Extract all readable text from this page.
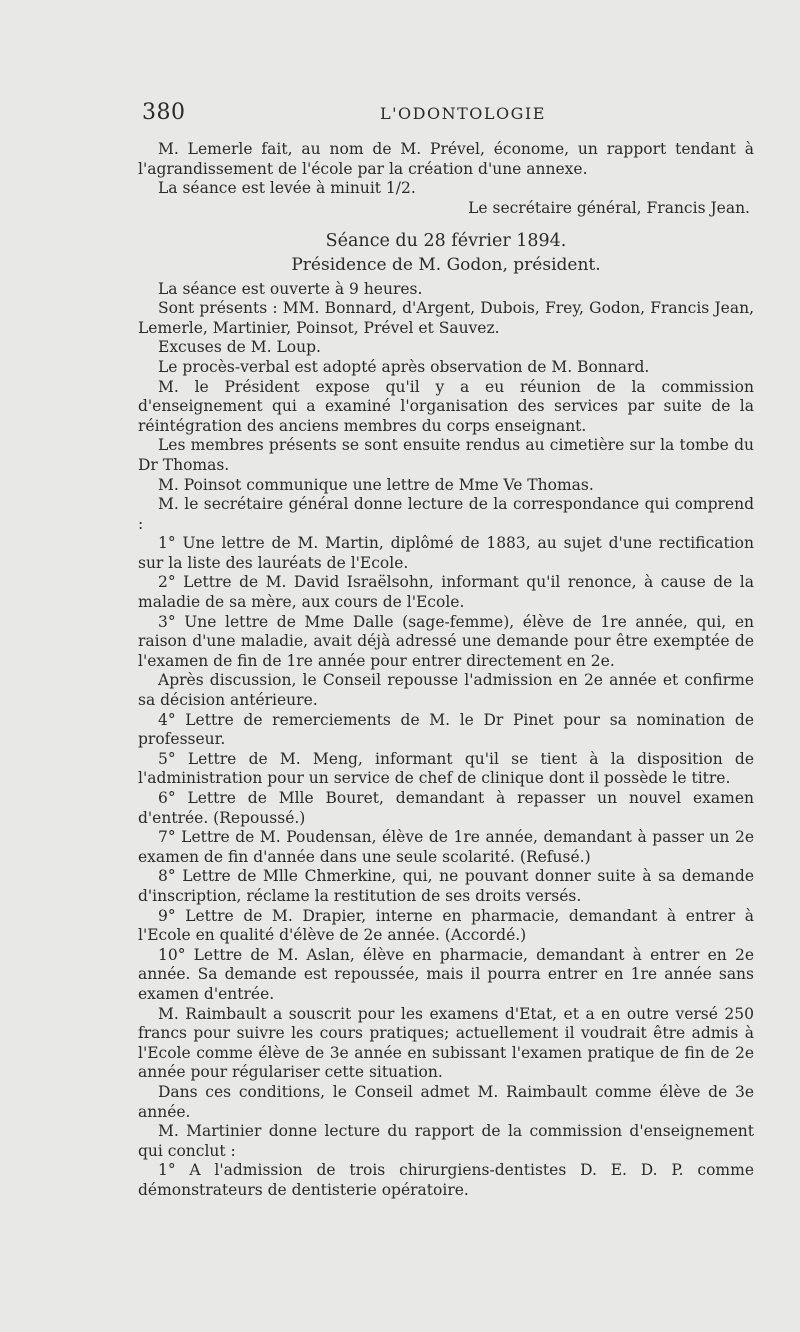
380	L'ODONTOLOGIE

M. Lemerle fait, au nom de M. Prével, économe, un rapport tendant à l'agrandissement de l'école par la création d'une annexe.

La séance est levée à minuit 1/2.

Le secrétaire général, Francis Jean.

Séance du 28 février 1894.

Présidence de M. Godon, président.

La séance est ouverte à 9 heures.

Sont présents : MM. Bonnard, d'Argent, Dubois, Frey, Godon, Francis Jean, Lemerle, Martinier, Poinsot, Prével et Sauvez.

Excuses de M. Loup.

Le procès-verbal est adopté après observation de M. Bonnard.

M. le Président expose qu'il y a eu réunion de la commission d'enseignement qui a examiné l'organisation des services par suite de la réintégration des anciens membres du corps enseignant.

Les membres présents se sont ensuite rendus au cimetière sur la tombe du Dr Thomas.

M. Poinsot communique une lettre de Mme Ve Thomas.

M. le secrétaire général donne lecture de la correspondance qui comprend :

1° Une lettre de M. Martin, diplômé de 1883, au sujet d'une rectification sur la liste des lauréats de l'Ecole.

2° Lettre de M. David Israëlsohn, informant qu'il renonce, à cause de la maladie de sa mère, aux cours de l'Ecole.

3° Une lettre de Mme Dalle (sage-femme), élève de 1re année, qui, en raison d'une maladie, avait déjà adressé une demande pour être exemptée de l'examen de fin de 1re année pour entrer directement en 2e.

Après discussion, le Conseil repousse l'admission en 2e année et confirme sa décision antérieure.

4° Lettre de remerciements de M. le Dr Pinet pour sa nomination de professeur.

5° Lettre de M. Meng, informant qu'il se tient à la disposition de l'administration pour un service de chef de clinique dont il possède le titre.

6° Lettre de Mlle Bouret, demandant à repasser un nouvel examen d'entrée. (Repoussé.)

7° Lettre de M. Poudensan, élève de 1re année, demandant à passer un 2e examen de fin d'année dans une seule scolarité. (Refusé.)

8° Lettre de Mlle Chmerkine, qui, ne pouvant donner suite à sa demande d'inscription, réclame la restitution de ses droits versés.

9° Lettre de M. Drapier, interne en pharmacie, demandant à entrer à l'Ecole en qualité d'élève de 2e année. (Accordé.)

10° Lettre de M. Aslan, élève en pharmacie, demandant à entrer en 2e année. Sa demande est repoussée, mais il pourra entrer en 1re année sans examen d'entrée.

M. Raimbault a souscrit pour les examens d'Etat, et a en outre versé 250 francs pour suivre les cours pratiques; actuellement il voudrait être admis à l'Ecole comme élève de 3e année en subissant l'examen pratique de fin de 2e année pour régulariser cette situation.

Dans ces conditions, le Conseil admet M. Raimbault comme élève de 3e année.

M. Martinier donne lecture du rapport de la commission d'enseignement qui conclut :

1° A l'admission de trois chirurgiens-dentistes D. E. D. P. comme démonstrateurs de dentisterie opératoire.
